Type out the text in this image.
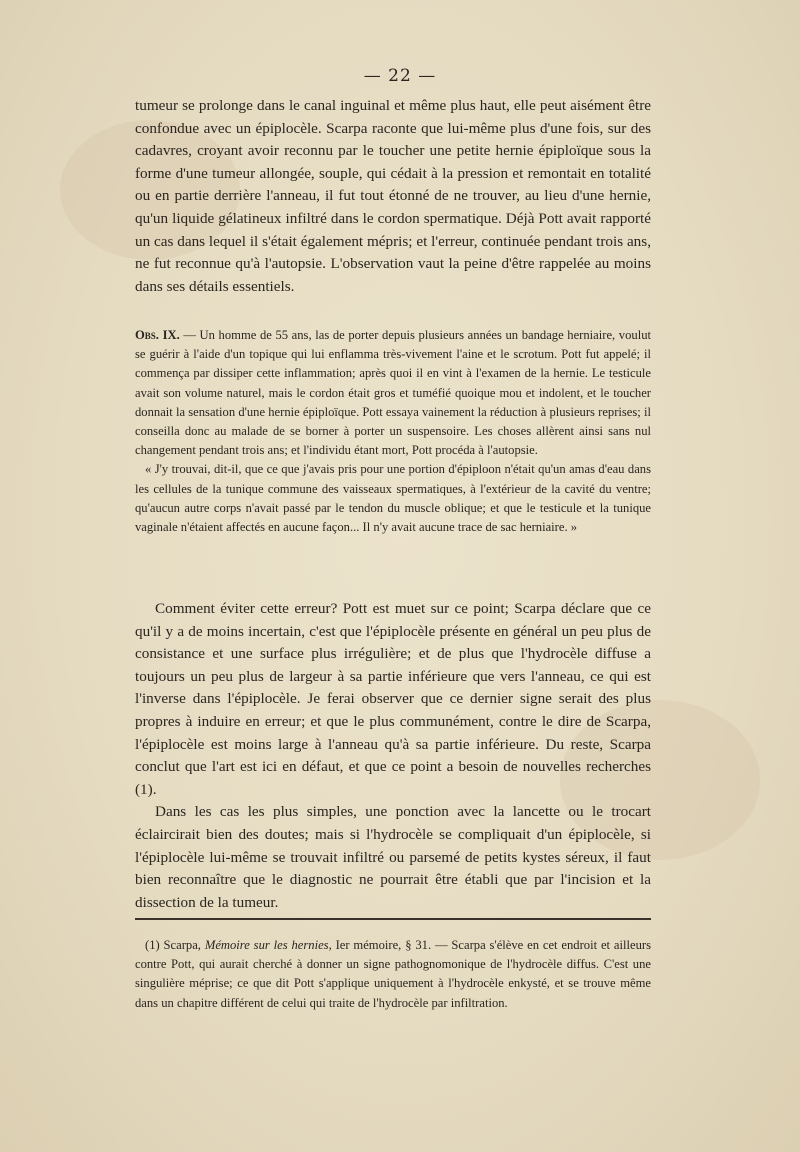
— 22 —

tumeur se prolonge dans le canal inguinal et même plus haut, elle peut aisément être confondue avec un épiplocèle. Scarpa raconte que lui-même plus d'une fois, sur des cadavres, croyant avoir reconnu par le toucher une petite hernie épiploïque sous la forme d'une tumeur allongée, souple, qui cédait à la pression et remontait en totalité ou en partie derrière l'anneau, il fut tout étonné de ne trouver, au lieu d'une hernie, qu'un liquide gélatineux infiltré dans le cordon spermatique. Déjà Pott avait rapporté un cas dans lequel il s'était également mépris; et l'erreur, continuée pendant trois ans, ne fut reconnue qu'à l'autopsie. L'observation vaut la peine d'être rappelée au moins dans ses détails essentiels.

Obs. IX. — Un homme de 55 ans, las de porter depuis plusieurs années un bandage herniaire, voulut se guérir à l'aide d'un topique qui lui enflamma très-vivement l'aine et le scrotum. Pott fut appelé; il commença par dissiper cette inflammation; après quoi il en vint à l'examen de la hernie. Le testicule avait son volume naturel, mais le cordon était gros et tuméfié quoique mou et indolent, et le toucher donnait la sensation d'une hernie épiploïque. Pott essaya vainement la réduction à plusieurs reprises; il conseilla donc au malade de se borner à porter un suspensoire. Les choses allèrent ainsi sans nul changement pendant trois ans; et l'individu étant mort, Pott procéda à l'autopsie.

« J'y trouvai, dit-il, que ce que j'avais pris pour une portion d'épiploon n'était qu'un amas d'eau dans les cellules de la tunique commune des vaisseaux spermatiques, à l'extérieur de la cavité du ventre; qu'aucun autre corps n'avait passé par le tendon du muscle oblique; et que le testicule et la tunique vaginale n'étaient affectés en aucune façon... Il n'y avait aucune trace de sac herniaire. »

Comment éviter cette erreur? Pott est muet sur ce point; Scarpa déclare que ce qu'il y a de moins incertain, c'est que l'épiplocèle présente en général un peu plus de consistance et une surface plus irrégulière; et de plus que l'hydrocèle diffuse a toujours un peu plus de largeur à sa partie inférieure que vers l'anneau, ce qui est l'inverse dans l'épiplocèle. Je ferai observer que ce dernier signe serait des plus propres à induire en erreur; et que le plus communément, contre le dire de Scarpa, l'épiplocèle est moins large à l'anneau qu'à sa partie inférieure. Du reste, Scarpa conclut que l'art est ici en défaut, et que ce point a besoin de nouvelles recherches (1).

Dans les cas les plus simples, une ponction avec la lancette ou le trocart éclaircirait bien des doutes; mais si l'hydrocèle se compliquait d'un épiplocèle, si l'épiplocèle lui-même se trouvait infiltré ou parsemé de petits kystes séreux, il faut bien reconnaître que le diagnostic ne pourrait être établi que par l'incision et la dissection de la tumeur.

(1) Scarpa, Mémoire sur les hernies, Ier mémoire, § 31. — Scarpa s'élève en cet endroit et ailleurs contre Pott, qui aurait cherché à donner un signe pathognomonique de l'hydrocèle diffus. C'est une singulière méprise; ce que dit Pott s'applique uniquement à l'hydrocèle enkysté, et se trouve même dans un chapitre différent de celui qui traite de l'hydrocèle par infiltration.
